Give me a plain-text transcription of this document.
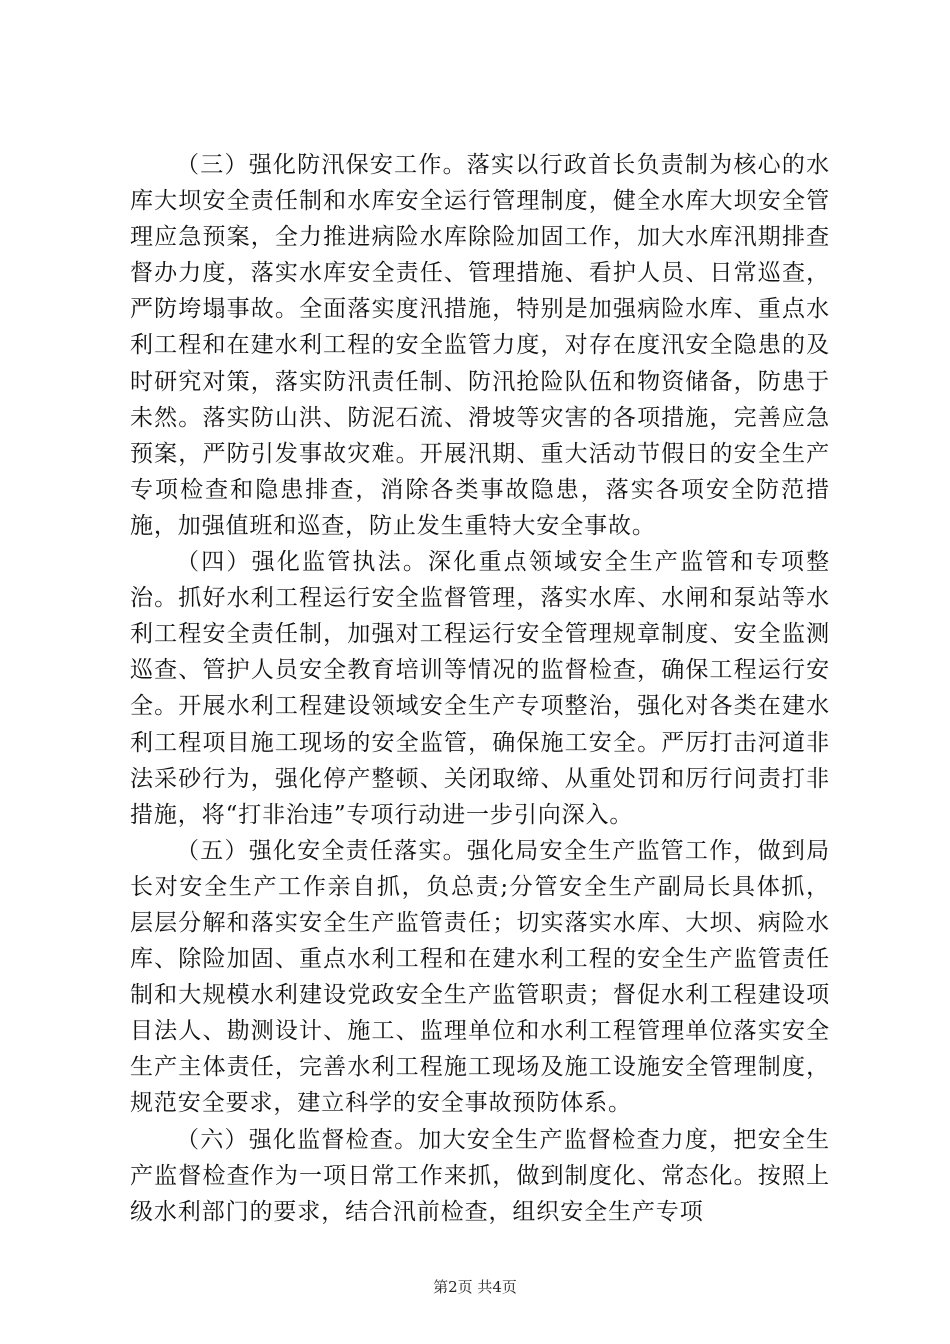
（三）强化防汛保安工作。落实以行政首长负责制为核心的水库大坝安全责任制和水库安全运行管理制度，健全水库大坝安全管理应急预案，全力推进病险水库除险加固工作，加大水库汛期排查督办力度，落实水库安全责任、管理措施、看护人员、日常巡查，严防垮塌事故。全面落实度汛措施，特别是加强病险水库、重点水利工程和在建水利工程的安全监管力度，对存在度汛安全隐患的及时研究对策，落实防汛责任制、防汛抢险队伍和物资储备，防患于未然。落实防山洪、防泥石流、滑坡等灾害的各项措施，完善应急预案，严防引发事故灾难。开展汛期、重大活动节假日的安全生产专项检查和隐患排查，消除各类事故隐患，落实各项安全防范措施，加强值班和巡查，防止发生重特大安全事故。

（四）强化监管执法。深化重点领域安全生产监管和专项整治。抓好水利工程运行安全监督管理，落实水库、水闸和泵站等水利工程安全责任制，加强对工程运行安全管理规章制度、安全监测巡查、管护人员安全教育培训等情况的监督检查，确保工程运行安全。开展水利工程建设领域安全生产专项整治，强化对各类在建水利工程项目施工现场的安全监管，确保施工安全。严厉打击河道非法采砂行为，强化停产整顿、关闭取缔、从重处罚和厉行问责打非措施，将“打非治违”专项行动进一步引向深入。

（五）强化安全责任落实。强化局安全生产监管工作，做到局长对安全生产工作亲自抓，负总责;分管安全生产副局长具体抓，层层分解和落实安全生产监管责任；切实落实水库、大坝、病险水库、除险加固、重点水利工程和在建水利工程的安全生产监管责任制和大规模水利建设党政安全生产监管职责；督促水利工程建设项目法人、勘测设计、施工、监理单位和水利工程管理单位落实安全生产主体责任，完善水利工程施工现场及施工设施安全管理制度，规范安全要求，建立科学的安全事故预防体系。

（六）强化监督检查。加大安全生产监督检查力度，把安全生产监督检查作为一项日常工作来抓，做到制度化、常态化。按照上级水利部门的要求，结合汛前检查，组织安全生产专项

第2页 共4页
